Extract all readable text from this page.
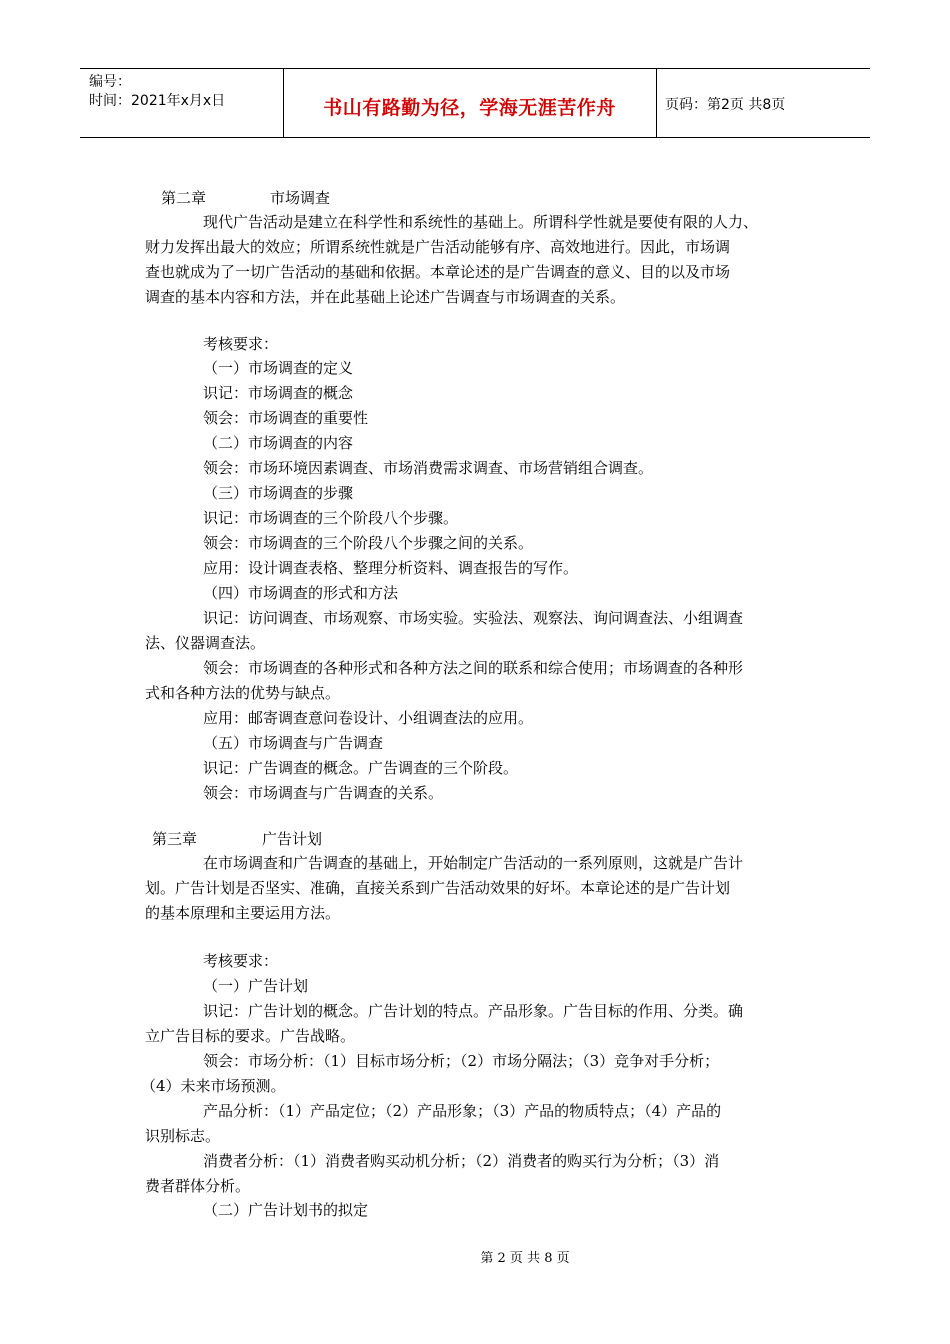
编号：
时间：2021年x月x日	书山有路勤为径，学海无涯苦作舟	页码：第2页 共8页
第二章	市场调查
现代广告活动是建立在科学性和系统性的基础上。所谓科学性就是要使有限的人力、
财力发挥出最大的效应；所谓系统性就是广告活动能够有序、高效地进行。因此，市场调
查也就成为了一切广告活动的基础和依据。本章论述的是广告调查的意义、目的以及市场
调查的基本内容和方法，并在此基础上论述广告调查与市场调查的关系。
考核要求：
（一）市场调查的定义
识记：市场调查的概念
领会：市场调查的重要性
（二）市场调查的内容
领会：市场环境因素调查、市场消费需求调查、市场营销组合调查。
（三）市场调查的步骤
识记：市场调查的三个阶段八个步骤。
领会：市场调查的三个阶段八个步骤之间的关系。
应用：设计调查表格、整理分析资料、调查报告的写作。
（四）市场调查的形式和方法
识记：访问调查、市场观察、市场实验。实验法、观察法、询问调查法、小组调查
法、仪器调查法。
领会：市场调查的各种形式和各种方法之间的联系和综合使用；市场调查的各种形
式和各种方法的优势与缺点。
应用：邮寄调查意问卷设计、小组调查法的应用。
（五）市场调查与广告调查
识记：广告调查的概念。广告调查的三个阶段。
领会：市场调查与广告调查的关系。
第三章	广告计划
在市场调查和广告调查的基础上，开始制定广告活动的一系列原则，这就是广告计
划。广告计划是否坚实、准确，直接关系到广告活动效果的好坏。本章论述的是广告计划
的基本原理和主要运用方法。
考核要求：
（一）广告计划
识记：广告计划的概念。广告计划的特点。产品形象。广告目标的作用、分类。确
立广告目标的要求。广告战略。
领会：市场分析：（1）目标市场分析；（2）市场分隔法；（3）竞争对手分析；
（4）未来市场预测。
产品分析：（1）产品定位；（2）产品形象；（3）产品的物质特点；（4）产品的
识别标志。
消费者分析：（1）消费者购买动机分析；（2）消费者的购买行为分析；（3）消
费者群体分析。
（二）广告计划书的拟定
第 2 页 共 8 页
